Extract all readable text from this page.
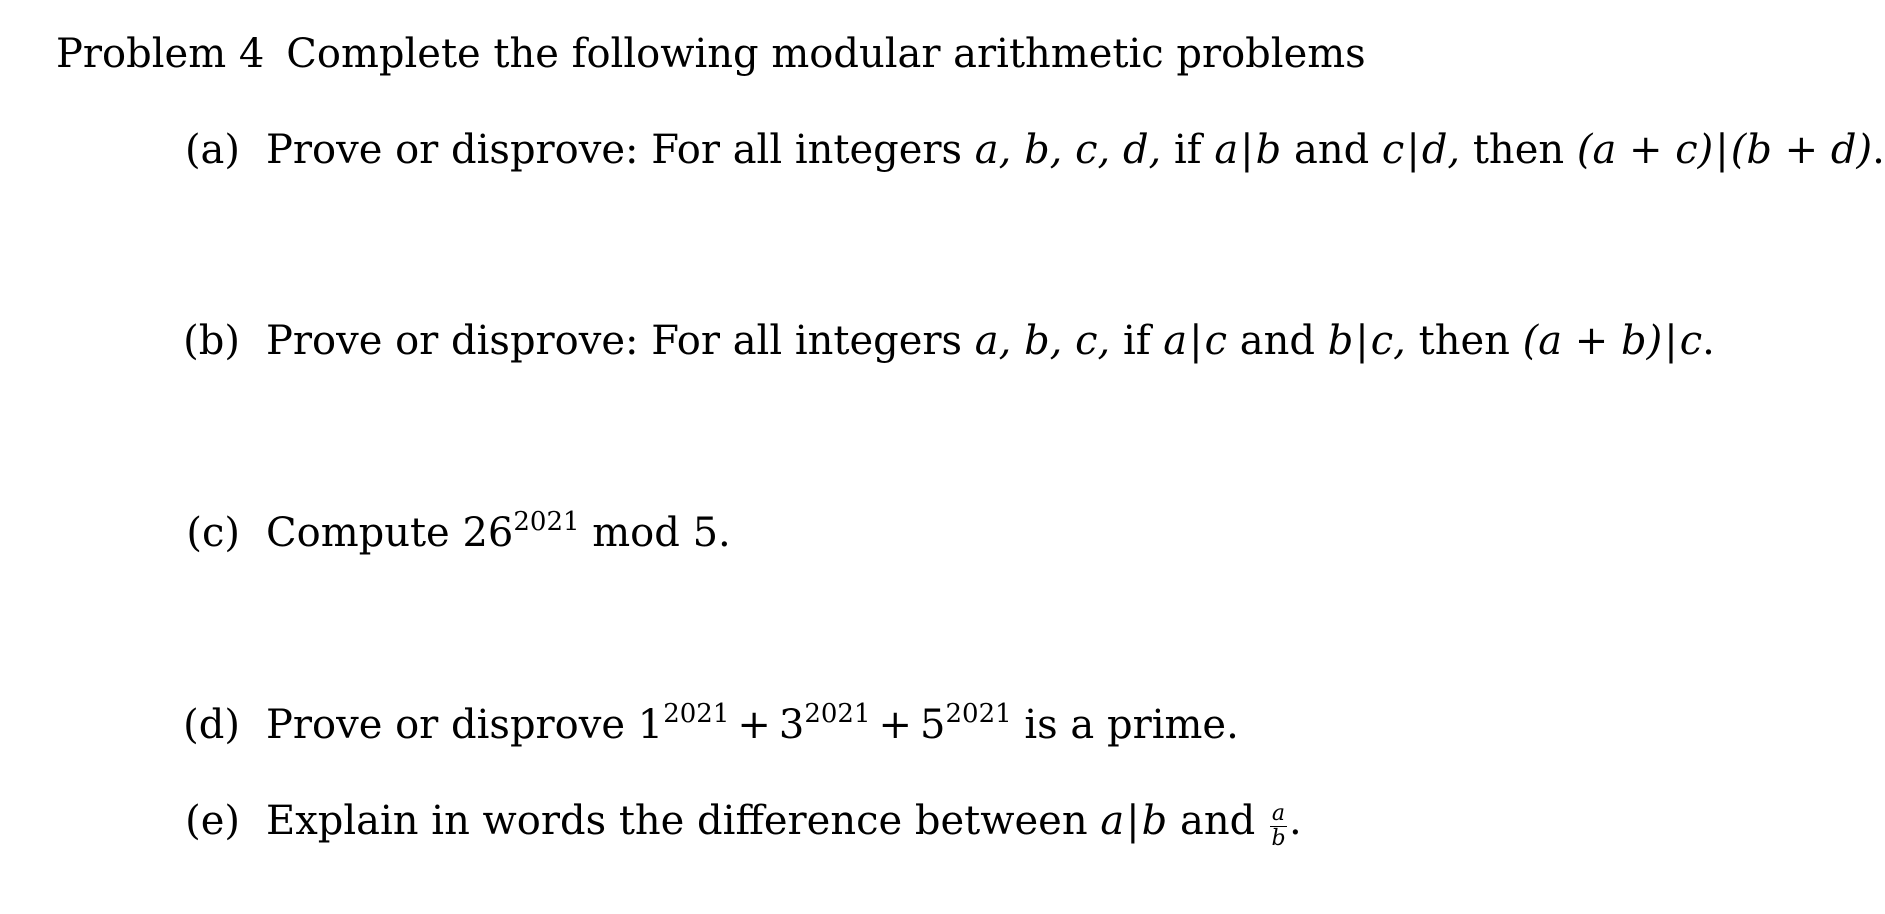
Problem 4 Complete the following modular arithmetic problems
(a) Prove or disprove: For all integers a, b, c, d, if a|b and c|d, then (a + c)|(b + d).
(b) Prove or disprove: For all integers a, b, c, if a|c and b|c, then (a + b)|c.
(c) Compute $26^{2021}$ mod 5.
(d) Prove or disprove $1^{2021} + 3^{2021} + 5^{2021}$ is a prime.
(e) Explain in words the difference between a|b and $\frac{a}{b}$ .
